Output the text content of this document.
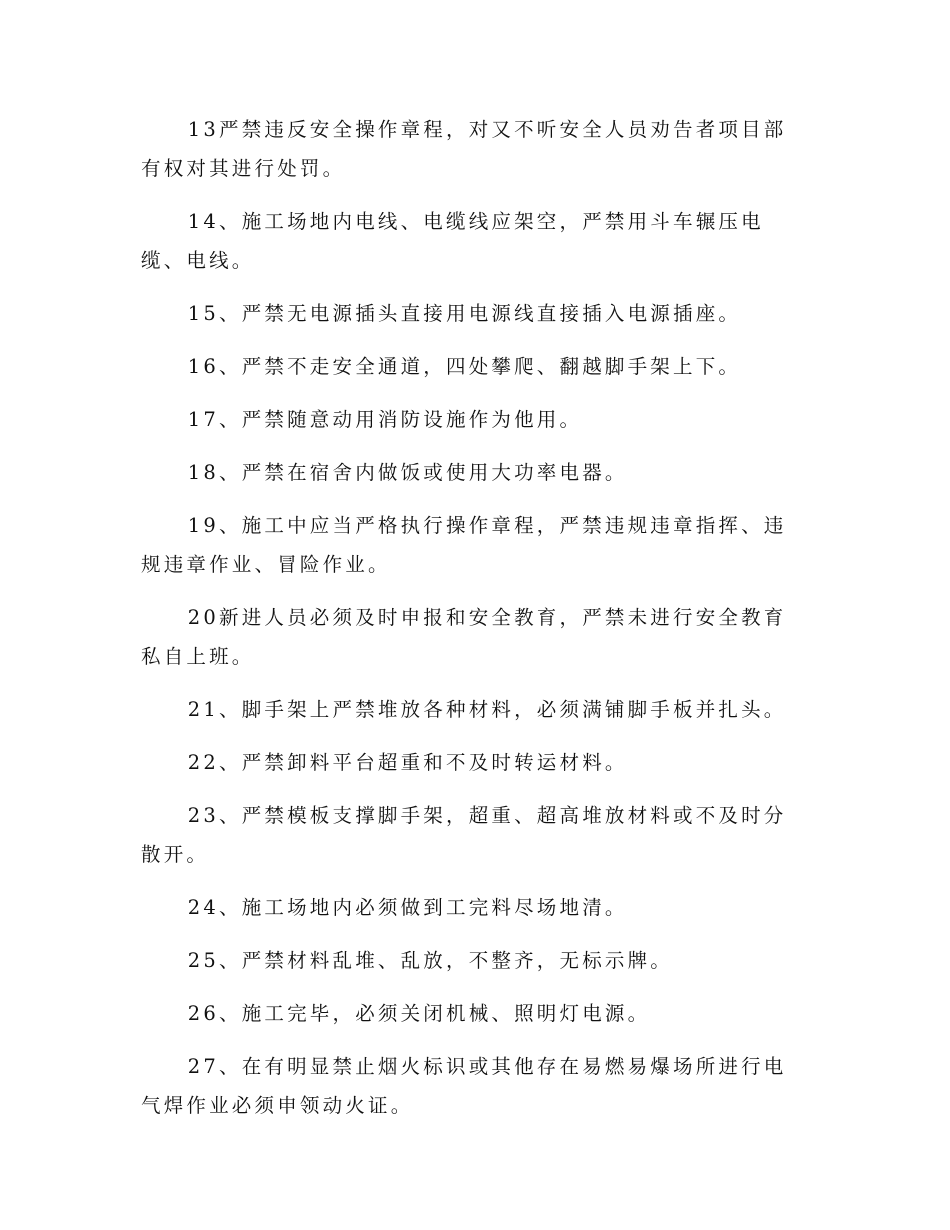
13严禁违反安全操作章程，对又不听安全人员劝告者项目部有权对其进行处罚。

14、施工场地内电线、电缆线应架空，严禁用斗车辗压电缆、电线。

15、严禁无电源插头直接用电源线直接插入电源插座。

16、严禁不走安全通道，四处攀爬、翻越脚手架上下。

17、严禁随意动用消防设施作为他用。

18、严禁在宿舍内做饭或使用大功率电器。

19、施工中应当严格执行操作章程，严禁违规违章指挥、违规违章作业、冒险作业。

20新进人员必须及时申报和安全教育，严禁未进行安全教育私自上班。

21、脚手架上严禁堆放各种材料，必须满铺脚手板并扎头。

22、严禁卸料平台超重和不及时转运材料。

23、严禁模板支撑脚手架，超重、超高堆放材料或不及时分散开。

24、施工场地内必须做到工完料尽场地清。

25、严禁材料乱堆、乱放，不整齐，无标示牌。

26、施工完毕，必须关闭机械、照明灯电源。

27、在有明显禁止烟火标识或其他存在易燃易爆场所进行电气焊作业必须申领动火证。
